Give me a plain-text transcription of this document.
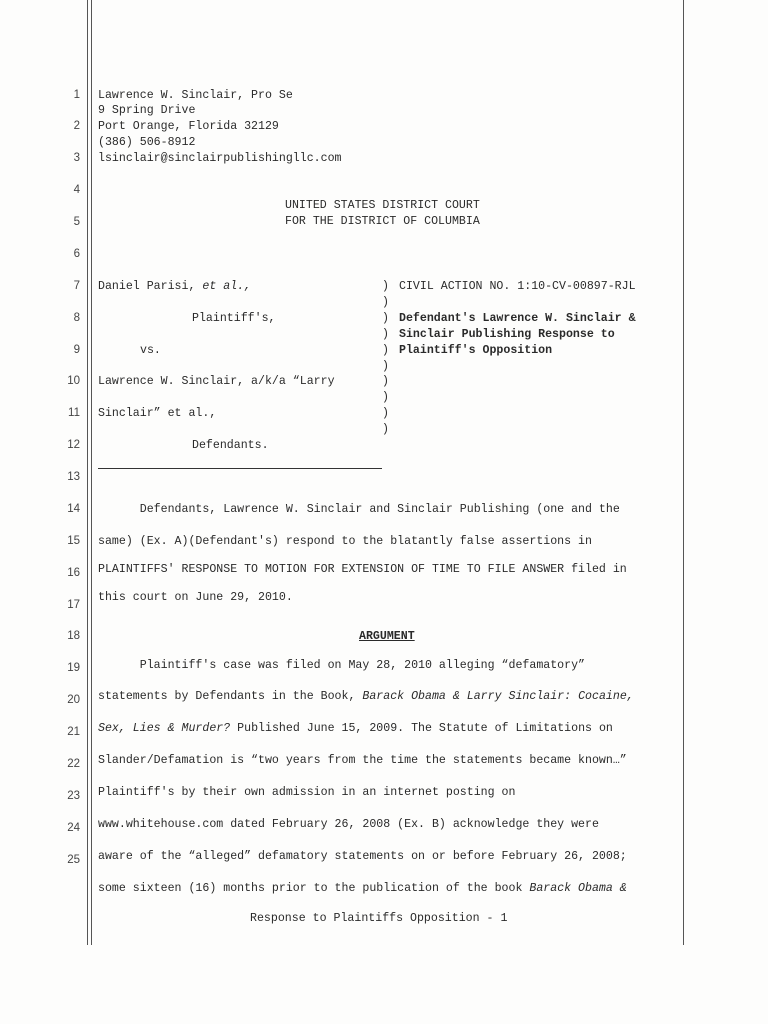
1
2
3
4
5
6
7
8
9
10
11
12
13
14
15
16
17
18
19
20
21
22
23
24
25
Lawrence W. Sinclair, Pro Se
9 Spring Drive
Port Orange, Florida 32129
(386) 506-8912
lsinclair@sinclairpublishingllc.com
UNITED STATES DISTRICT COURT
FOR THE DISTRICT OF COLUMBIA
Daniel Parisi, et al.,
Plaintiff's,
vs.
Lawrence W. Sinclair, a/k/a “Larry
Sinclair” et al.,
Defendants.
)
)
)
)
)
)
)
)
)
)
CIVIL ACTION NO. 1:10-CV-00897-RJL
Defendant's Lawrence W. Sinclair &
Sinclair Publishing Response to
Plaintiff's Opposition
Defendants, Lawrence W. Sinclair and Sinclair Publishing (one and the
same) (Ex. A)(Defendant's) respond to the blatantly false assertions in
PLAINTIFFS' RESPONSE TO MOTION FOR EXTENSION OF TIME TO FILE ANSWER filed in
this court on June 29, 2010.
ARGUMENT
Plaintiff's case was filed on May 28, 2010 alleging “defamatory”
statements by Defendants in the Book, Barack Obama & Larry Sinclair: Cocaine,
Sex, Lies & Murder? Published June 15, 2009. The Statute of Limitations on
Slander/Defamation is “two years from the time the statements became known…”
Plaintiff's by their own admission in an internet posting on
www.whitehouse.com dated February 26, 2008 (Ex. B) acknowledge they were
aware of the “alleged” defamatory statements on or before February 26, 2008;
some sixteen (16) months prior to the publication of the book Barack Obama &
Response to Plaintiffs Opposition - 1
